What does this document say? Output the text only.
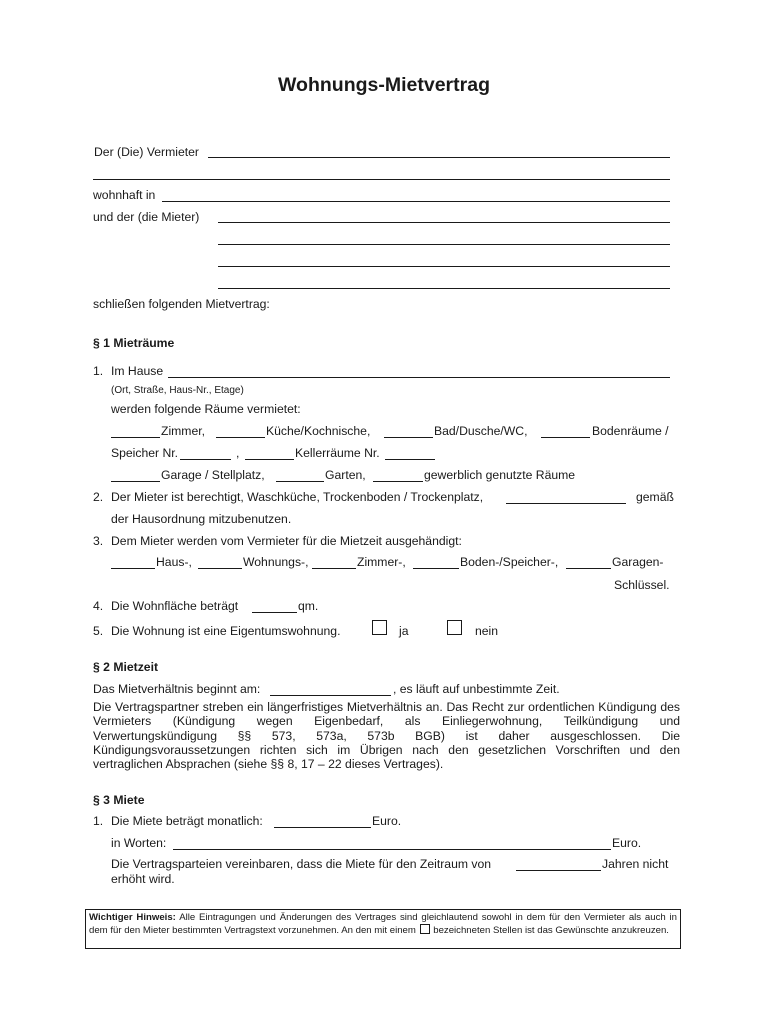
Wohnungs-Mietvertrag
Der (Die) Vermieter
wohnhaft in
und der (die Mieter)
schließen folgenden Mietvertrag:
§ 1 Mieträume
1. Im Hause
(Ort, Straße, Haus-Nr., Etage)
werden folgende Räume vermietet:
Zimmer,	Küche/Kochnische,	Bad/Dusche/WC,	Bodenräume /
Speicher Nr.	,	Kellerräume Nr.
Garage / Stellplatz,	Garten,	gewerblich genutzte Räume
2. Der Mieter ist berechtigt, Waschküche, Trockenboden / Trockenplatz,	gemäß
der Hausordnung mitzubenutzen.
3. Dem Mieter werden vom Vermieter für die Mietzeit ausgehändigt:
Haus-,	Wohnungs-,	Zimmer-,	Boden-/Speicher-,	Garagen-
Schlüssel.
4. Die Wohnfläche beträgt	qm.
5. Die Wohnung ist eine Eigentumswohnung.	ja	nein
§ 2 Mietzeit
Das Mietverhältnis beginnt am:	, es läuft auf unbestimmte Zeit.
Die Vertragspartner streben ein längerfristiges Mietverhältnis an. Das Recht zur ordentlichen Kündigung des Vermieters (Kündigung wegen Eigenbedarf, als Einliegerwohnung, Teilkündigung und Verwertungskündigung §§ 573, 573a, 573b BGB) ist daher ausgeschlossen. Die Kündigungsvoraussetzungen richten sich im Übrigen nach den gesetzlichen Vorschriften und den vertraglichen Absprachen (siehe §§ 8, 17 – 22 dieses Vertrages).
§ 3 Miete
1. Die Miete beträgt monatlich:	Euro.
in Worten:	Euro.
Die Vertragsparteien vereinbaren, dass die Miete für den Zeitraum von	Jahren nicht
erhöht wird.
Wichtiger Hinweis: Alle Eintragungen und Änderungen des Vertrages sind gleichlautend sowohl in dem für den Vermieter als auch in dem für den Mieter bestimmten Vertragstext vorzunehmen. An den mit einem bezeichneten Stellen ist das Gewünschte anzukreuzen.
